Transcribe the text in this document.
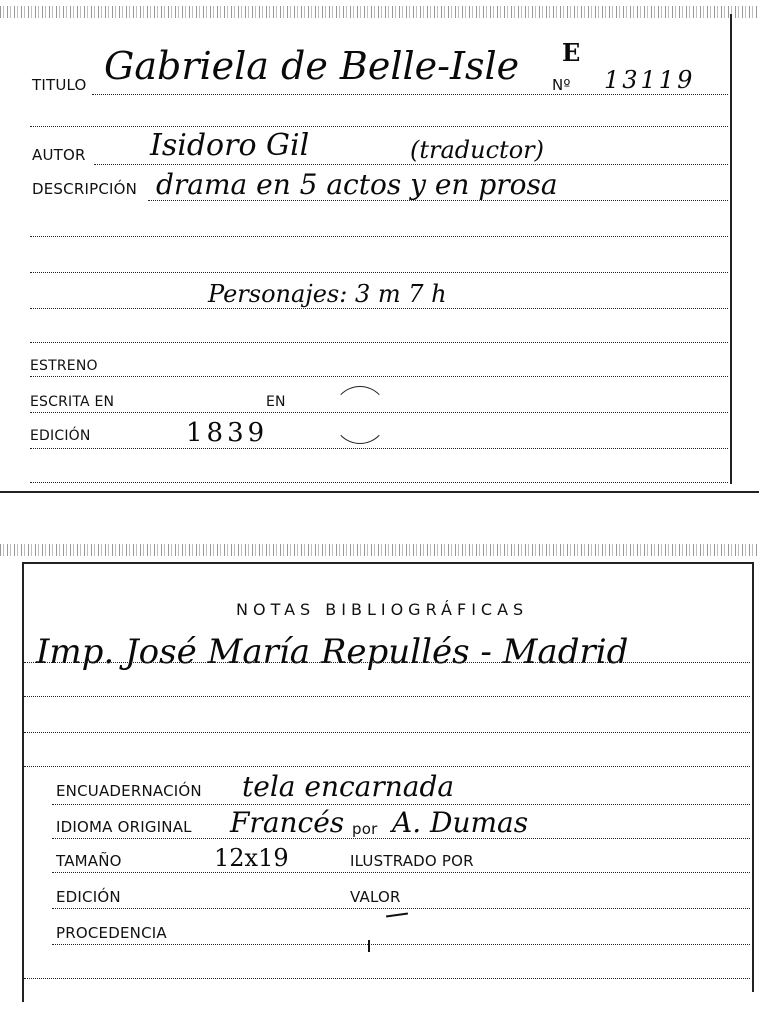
TITULO Gabriela de Belle-Isle Nº 13119
E
AUTOR Isidoro Gil	(traductor)
DESCRIPCIÓN drama en 5 actos y en prosa
Personajes: 3 m 7 h
ESTRENO
ESCRITA EN	EN
EDICIÓN	1839
NOTAS BIBLIOGRÁFICAS
Imp. José María Repullés - Madrid
ENCUADERNACIÓN tela encarnada
IDIOMA ORIGINAL Francés por A. Dumas
TAMAÑO	12x19	ILUSTRADO POR
EDICIÓN	VALOR
PROCEDENCIA
